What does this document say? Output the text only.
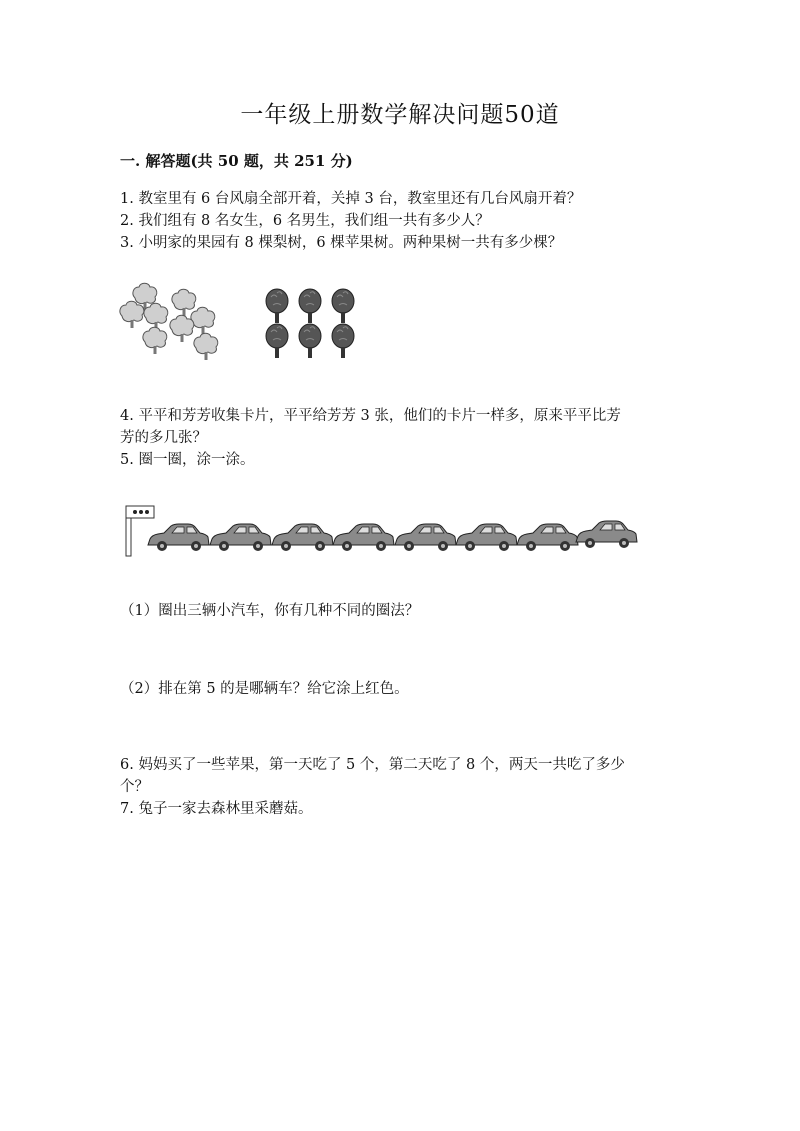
一年级上册数学解决问题50道
一. 解答题(共 50 题，共 251 分)
1. 教室里有 6 台风扇全部开着，关掉 3 台，教室里还有几台风扇开着？
2. 我们组有 8 名女生，6 名男生，我们组一共有多少人？
3. 小明家的果园有 8 棵梨树，6 棵苹果树。两种果树一共有多少棵？
4. 平平和芳芳收集卡片，平平给芳芳 3 张，他们的卡片一样多，原来平平比芳
芳的多几张？
5. 圈一圈，涂一涂。
（1）圈出三辆小汽车，你有几种不同的圈法？
（2）排在第 5 的是哪辆车？给它涂上红色。
6. 妈妈买了一些苹果，第一天吃了 5 个，第二天吃了 8 个，两天一共吃了多少
个？
7. 兔子一家去森林里采蘑菇。
